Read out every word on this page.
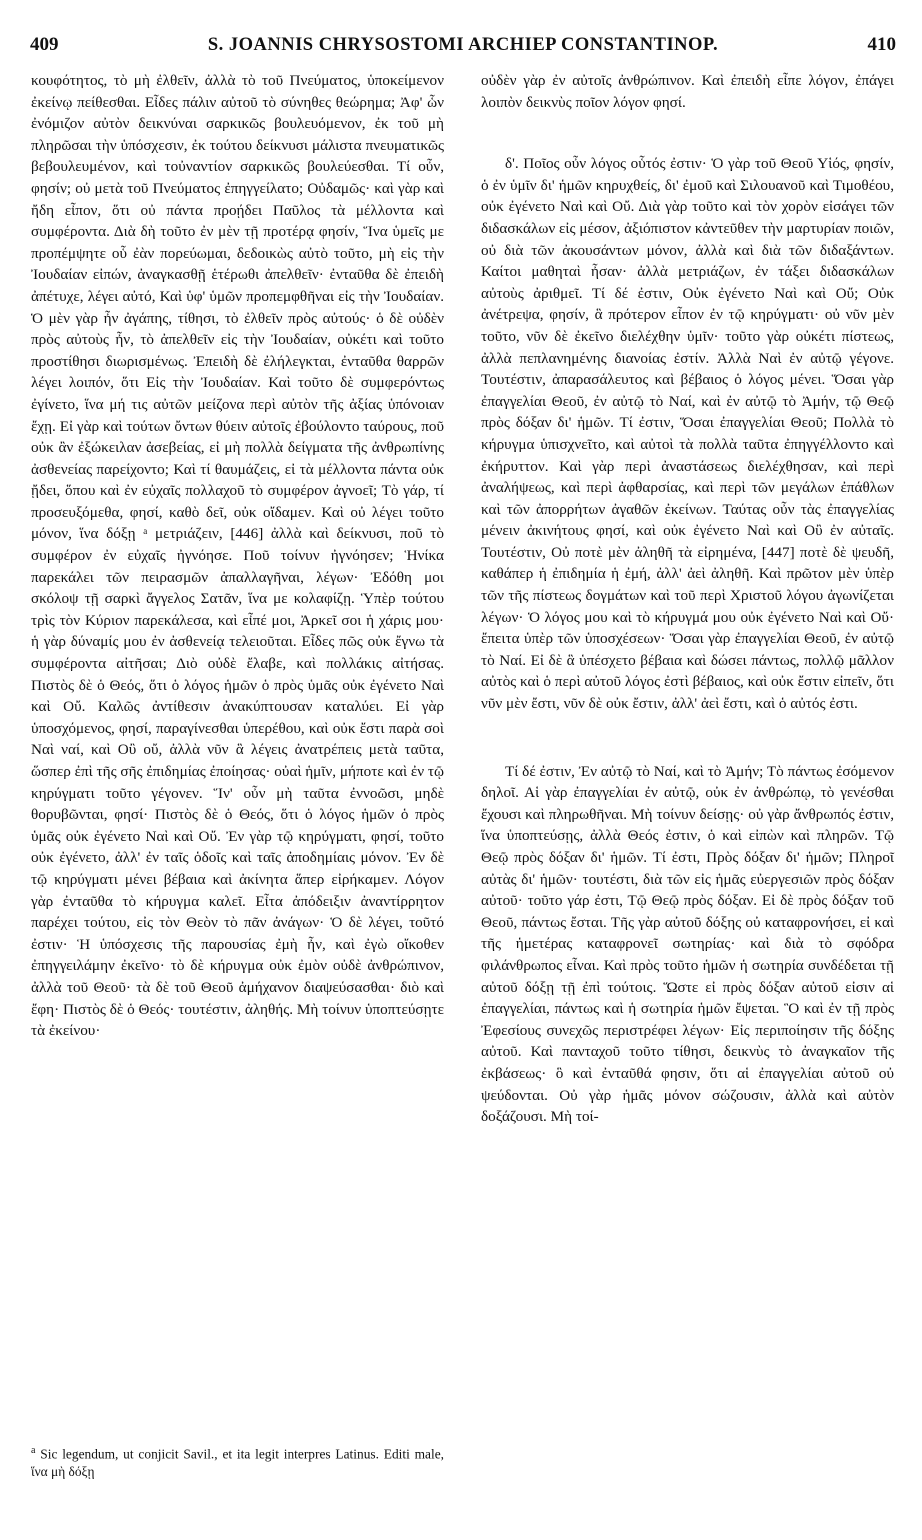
409	S. JOANNIS CHRYSOSTOMI ARCHIEP CONSTANTINOP.	410

κουφότητος, τὸ μὴ ἐλθεῖν, ἀλλὰ τὸ τοῦ Πνεύματος, ὑποκείμενον ἐκείνῳ πείθεσθαι. Εἶδες πάλιν αὐτοῦ τὸ σύνηθες θεώρημα; Ἀφ' ὧν ἐνόμιζον αὐτὸν δεικνύναι σαρκικῶς βουλευόμενον, ἐκ τοῦ μὴ πληρῶσαι τὴν ὑπόσχεσιν, ἐκ τούτου δείκνυσι μάλιστα πνευματικῶς βεβουλευμένον, καὶ τοὐναντίον σαρκικῶς βουλεύεσθαι. Τί οὖν, φησίν; οὐ μετὰ τοῦ Πνεύματος ἐπηγγείλατο; Οὐδαμῶς· καὶ γὰρ καὶ ἤδη εἶπον, ὅτι οὐ πάντα προῄδει Παῦλος τὰ μέλλοντα καὶ συμφέροντα. Διὰ δὴ τοῦτο ἐν μὲν τῇ προτέρᾳ φησίν, Ἵνα ὑμεῖς με προπέμψητε οὗ ἐὰν πορεύωμαι, δεδοικὼς αὐτὸ τοῦτο, μὴ εἰς τὴν Ἰουδαίαν εἰπών, ἀναγκασθῇ ἑτέρωθι ἀπελθεῖν· ἐνταῦθα δὲ ἐπειδὴ ἀπέτυχε, λέγει αὐτό, Καὶ ὑφ' ὑμῶν προπεμφθῆναι εἰς τὴν Ἰουδαίαν. Ὁ μὲν γὰρ ἦν ἀγάπης, τίθησι, τὸ ἐλθεῖν πρὸς αὐτούς· ὁ δὲ οὐδὲν πρὸς αὐτοὺς ἦν, τὸ ἀπελθεῖν εἰς τὴν Ἰουδαίαν, οὐκέτι καὶ τοῦτο προστίθησι διωρισμένως. Ἐπειδὴ δὲ ἐλήλεγκται, ἐνταῦθα θαρρῶν λέγει λοιπόν, ὅτι Εἰς τὴν Ἰουδαίαν. Καὶ τοῦτο δὲ συμφερόντως ἐγίνετο, ἵνα μή τις αὐτῶν μείζονα περὶ αὐτὸν τῆς ἀξίας ὑπόνοιαν ἔχῃ. Εἰ γὰρ καὶ τούτων ὄντων θύειν αὐτοῖς ἐβούλοντο ταύρους, ποῦ οὐκ ἂν ἐξώκειλαν ἀσεβείας, εἰ μὴ πολλὰ δείγματα τῆς ἀνθρωπίνης ἀσθενείας παρείχοντο; Καὶ τί θαυμάζεις, εἰ τὰ μέλλοντα πάντα οὐκ ᾔδει, ὅπου καὶ ἐν εὐχαῖς πολλαχοῦ τὸ συμφέρον ἀγνοεῖ; Τὸ γάρ, τί προσευξόμεθα, φησί, καθὸ δεῖ, οὐκ οἴδαμεν. Καὶ οὐ λέγει τοῦτο μόνον, ἵνα δόξῃ ᵃ μετριάζειν, [446] ἀλλὰ καὶ δείκνυσι, ποῦ τὸ συμφέρον ἐν εὐχαῖς ἠγνόησε. Ποῦ τοίνυν ἠγνόησεν; Ἡνίκα παρεκάλει τῶν πειρασμῶν ἀπαλλαγῆναι, λέγων· Ἐδόθη μοι σκόλοψ τῇ σαρκὶ ἄγγελος Σατᾶν, ἵνα με κολαφίζῃ. Ὑπὲρ τούτου τρὶς τὸν Κύριον παρεκάλεσα, καὶ εἶπέ μοι, Ἀρκεῖ σοι ἡ χάρις μου· ἡ γὰρ δύναμίς μου ἐν ἀσθενείᾳ τελειοῦται. Εἶδες πῶς οὐκ ἔγνω τὰ συμφέροντα αἰτῆσαι; Διὸ οὐδὲ ἔλαβε, καὶ πολλάκις αἰτήσας. Πιστὸς δὲ ὁ Θεός, ὅτι ὁ λόγος ἡμῶν ὁ πρὸς ὑμᾶς οὐκ ἐγένετο Ναὶ καὶ Οὔ. Καλῶς ἀντίθεσιν ἀνακύπτουσαν καταλύει. Εἰ γὰρ ὑποσχόμενος, φησί, παραγίνεσθαι ὑπερέθου, καὶ οὐκ ἔστι παρὰ σοὶ Ναὶ ναί, καὶ Οὒ οὔ, ἀλλὰ νῦν ἃ λέγεις ἀνατρέπεις μετὰ ταῦτα, ὥσπερ ἐπὶ τῆς σῆς ἐπιδημίας ἐποίησας· οὐαὶ ἡμῖν, μήποτε καὶ ἐν τῷ κηρύγματι τοῦτο γέγονεν. Ἵν' οὖν μὴ ταῦτα ἐννοῶσι, μηδὲ θορυβῶνται, φησί· Πιστὸς δὲ ὁ Θεός, ὅτι ὁ λόγος ἡμῶν ὁ πρὸς ὑμᾶς οὐκ ἐγένετο Ναὶ καὶ Οὔ. Ἐν γὰρ τῷ κηρύγματι, φησί, τοῦτο οὐκ ἐγένετο, ἀλλ' ἐν ταῖς ὁδοῖς καὶ ταῖς ἀποδημίαις μόνον. Ἐν δὲ τῷ κηρύγματι μένει βέβαια καὶ ἀκίνητα ἅπερ εἰρήκαμεν. Λόγον γὰρ ἐνταῦθα τὸ κήρυγμα καλεῖ. Εἶτα ἀπόδειξιν ἀναντίρρητον παρέχει τούτου, εἰς τὸν Θεὸν τὸ πᾶν ἀνάγων· Ὁ δὲ λέγει, τοῦτό ἐστιν· Ἡ ὑπόσχεσις τῆς παρουσίας ἐμὴ ἦν, καὶ ἐγὼ οἴκοθεν ἐπηγγειλάμην ἐκεῖνο· τὸ δὲ κήρυγμα οὐκ ἐμὸν οὐδὲ ἀνθρώπινον, ἀλλὰ τοῦ Θεοῦ· τὰ δὲ τοῦ Θεοῦ ἀμήχανον διαψεύσασθαι· διὸ καὶ ἔφη· Πιστὸς δὲ ὁ Θεός· τουτέστιν, ἀληθής. Μὴ τοίνυν ὑποπτεύσῃτε τὰ ἐκείνου·

οὐδὲν γὰρ ἐν αὐτοῖς ἀνθρώπινον. Καὶ ἐπειδὴ εἶπε λόγον, ἐπάγει λοιπὸν δεικνὺς ποῖον λόγον φησί.

δ'. Ποῖος οὖν λόγος οὗτός ἐστιν· Ὁ γὰρ τοῦ Θεοῦ Υἱός, φησίν, ὁ ἐν ὑμῖν δι' ἡμῶν κηρυχθείς, δι' ἐμοῦ καὶ Σιλουανοῦ καὶ Τιμοθέου, οὐκ ἐγένετο Ναὶ καὶ Οὔ. Διὰ γὰρ τοῦτο καὶ τὸν χορὸν εἰσάγει τῶν διδασκάλων εἰς μέσον, ἀξιόπιστον κἀντεῦθεν τὴν μαρτυρίαν ποιῶν, οὐ διὰ τῶν ἀκουσάντων μόνον, ἀλλὰ καὶ διὰ τῶν διδαξάντων. Καίτοι μαθηταὶ ἦσαν· ἀλλὰ μετριάζων, ἐν τάξει διδασκάλων αὐτοὺς ἀριθμεῖ. Τί δέ ἐστιν, Οὐκ ἐγένετο Ναὶ καὶ Οὔ; Οὐκ ἀνέτρεψα, φησίν, ἃ πρότερον εἶπον ἐν τῷ κηρύγματι· οὐ νῦν μὲν τοῦτο, νῦν δὲ ἐκεῖνο διελέχθην ὑμῖν· τοῦτο γὰρ οὐκέτι πίστεως, ἀλλὰ πεπλανημένης διανοίας ἐστίν. Ἀλλὰ Ναὶ ἐν αὐτῷ γέγονε. Τουτέστιν, ἀπαρασάλευτος καὶ βέβαιος ὁ λόγος μένει. Ὅσαι γὰρ ἐπαγγελίαι Θεοῦ, ἐν αὐτῷ τὸ Ναί, καὶ ἐν αὐτῷ τὸ Ἀμήν, τῷ Θεῷ πρὸς δόξαν δι' ἡμῶν. Τί ἐστιν, Ὅσαι ἐπαγγελίαι Θεοῦ; Πολλὰ τὸ κήρυγμα ὑπισχνεῖτο, καὶ αὐτοὶ τὰ πολλὰ ταῦτα ἐπηγγέλλοντο καὶ ἐκήρυττον. Καὶ γὰρ περὶ ἀναστάσεως διελέχθησαν, καὶ περὶ ἀναλήψεως, καὶ περὶ ἀφθαρσίας, καὶ περὶ τῶν μεγάλων ἐπάθλων καὶ τῶν ἀπορρήτων ἀγαθῶν ἐκείνων. Ταύτας οὖν τὰς ἐπαγγελίας μένειν ἀκινήτους φησί, καὶ οὐκ ἐγένετο Ναὶ καὶ Οὒ ἐν αὐταῖς. Τουτέστιν, Οὐ ποτὲ μὲν ἀληθῆ τὰ εἰρημένα, [447] ποτὲ δὲ ψευδῆ, καθάπερ ἡ ἐπιδημία ἡ ἐμή, ἀλλ' ἀεὶ ἀληθῆ. Καὶ πρῶτον μὲν ὑπὲρ τῶν τῆς πίστεως δογμάτων καὶ τοῦ περὶ Χριστοῦ λόγου ἀγωνίζεται λέγων· Ὁ λόγος μου καὶ τὸ κήρυγμά μου οὐκ ἐγένετο Ναὶ καὶ Οὔ· ἔπειτα ὑπὲρ τῶν ὑποσχέσεων· Ὅσαι γὰρ ἐπαγγελίαι Θεοῦ, ἐν αὐτῷ τὸ Ναί. Εἰ δὲ ἃ ὑπέσχετο βέβαια καὶ δώσει πάντως, πολλῷ μᾶλλον αὐτὸς καὶ ὁ περὶ αὐτοῦ λόγος ἐστὶ βέβαιος, καὶ οὐκ ἔστιν εἰπεῖν, ὅτι νῦν μὲν ἔστι, νῦν δὲ οὐκ ἔστιν, ἀλλ' ἀεὶ ἔστι, καὶ ὁ αὐτός ἐστι.

Τί δέ ἐστιν, Ἐν αὐτῷ τὸ Ναί, καὶ τὸ Ἀμήν; Τὸ πάντως ἐσόμενον δηλοῖ. Αἱ γὰρ ἐπαγγελίαι ἐν αὐτῷ, οὐκ ἐν ἀνθρώπῳ, τὸ γενέσθαι ἔχουσι καὶ πληρωθῆναι. Μὴ τοίνυν δείσῃς· οὐ γὰρ ἄνθρωπός ἐστιν, ἵνα ὑποπτεύσῃς, ἀλλὰ Θεός ἐστιν, ὁ καὶ εἰπὼν καὶ πληρῶν. Τῷ Θεῷ πρὸς δόξαν δι' ἡμῶν. Τί ἐστι, Πρὸς δόξαν δι' ἡμῶν; Πληροῖ αὐτὰς δι' ἡμῶν· τουτέστι, διὰ τῶν εἰς ἡμᾶς εὐεργεσιῶν πρὸς δόξαν αὐτοῦ· τοῦτο γάρ ἐστι, Τῷ Θεῷ πρὸς δόξαν. Εἰ δὲ πρὸς δόξαν τοῦ Θεοῦ, πάντως ἔσται. Τῆς γὰρ αὐτοῦ δόξης οὐ καταφρονήσει, εἰ καὶ τῆς ἡμετέρας καταφρονεῖ σωτηρίας· καὶ διὰ τὸ σφόδρα φιλάνθρωπος εἶναι. Καὶ πρὸς τοῦτο ἡμῶν ἡ σωτηρία συνδέδεται τῇ αὐτοῦ δόξῃ τῇ ἐπὶ τούτοις. Ὥστε εἰ πρὸς δόξαν αὐτοῦ εἰσιν αἱ ἐπαγγελίαι, πάντως καὶ ἡ σωτηρία ἡμῶν ἔψεται. Ὃ καὶ ἐν τῇ πρὸς Ἐφεσίους συνεχῶς περιστρέφει λέγων· Εἰς περιποίησιν τῆς δόξης αὐτοῦ. Καὶ πανταχοῦ τοῦτο τίθησι, δεικνὺς τὸ ἀναγκαῖον τῆς ἐκβάσεως· ὃ καὶ ἐνταῦθά φησιν, ὅτι αἱ ἐπαγγελίαι αὐτοῦ οὐ ψεύδονται. Οὐ γὰρ ἡμᾶς μόνον σώζουσιν, ἀλλὰ καὶ αὐτὸν δοξάζουσι. Μὴ τοί-

$^a$ Sic legendum, ut conjicit Savil., et ita legit interpres Latinus. Editi male, ἵνα μὴ δόξῃ
